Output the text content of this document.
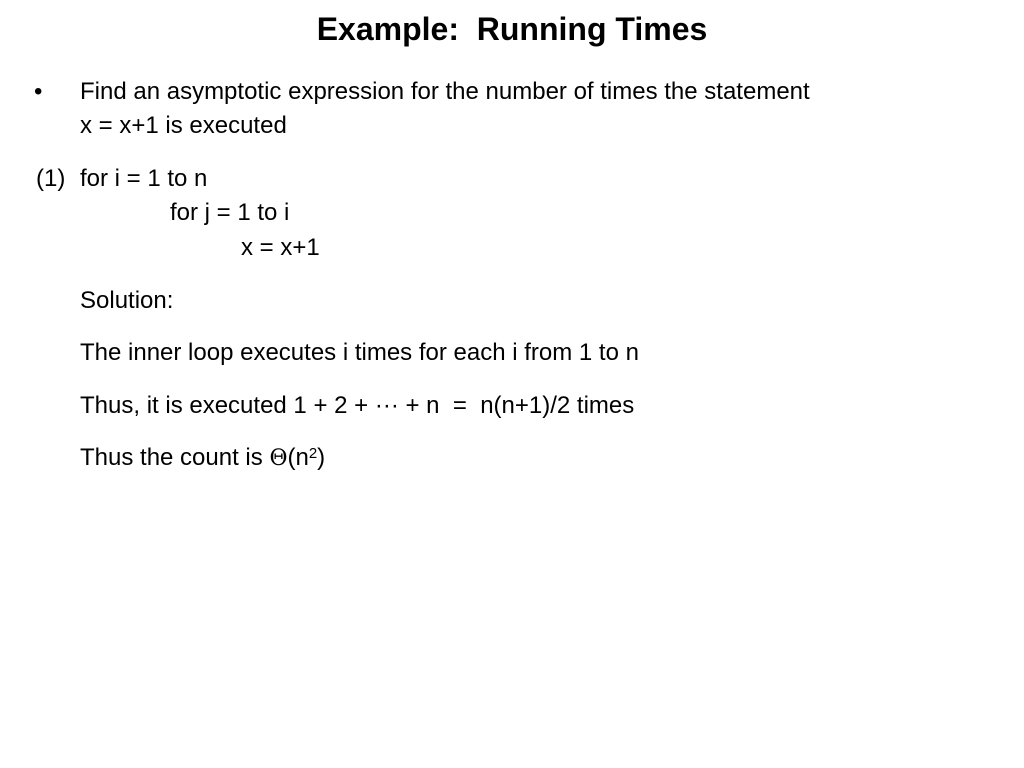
Example:  Running Times
• Find an asymptotic expression for the number of times the statement
x = x+1 is executed
(1) for i = 1 to n
for j = 1 to i
x = x+1
Solution:
The inner loop executes i times for each i from 1 to n
Thus, it is executed 1 + 2 + ··· + n  =  n(n+1)/2 times
Thus the count is $\Theta(n^2)$
